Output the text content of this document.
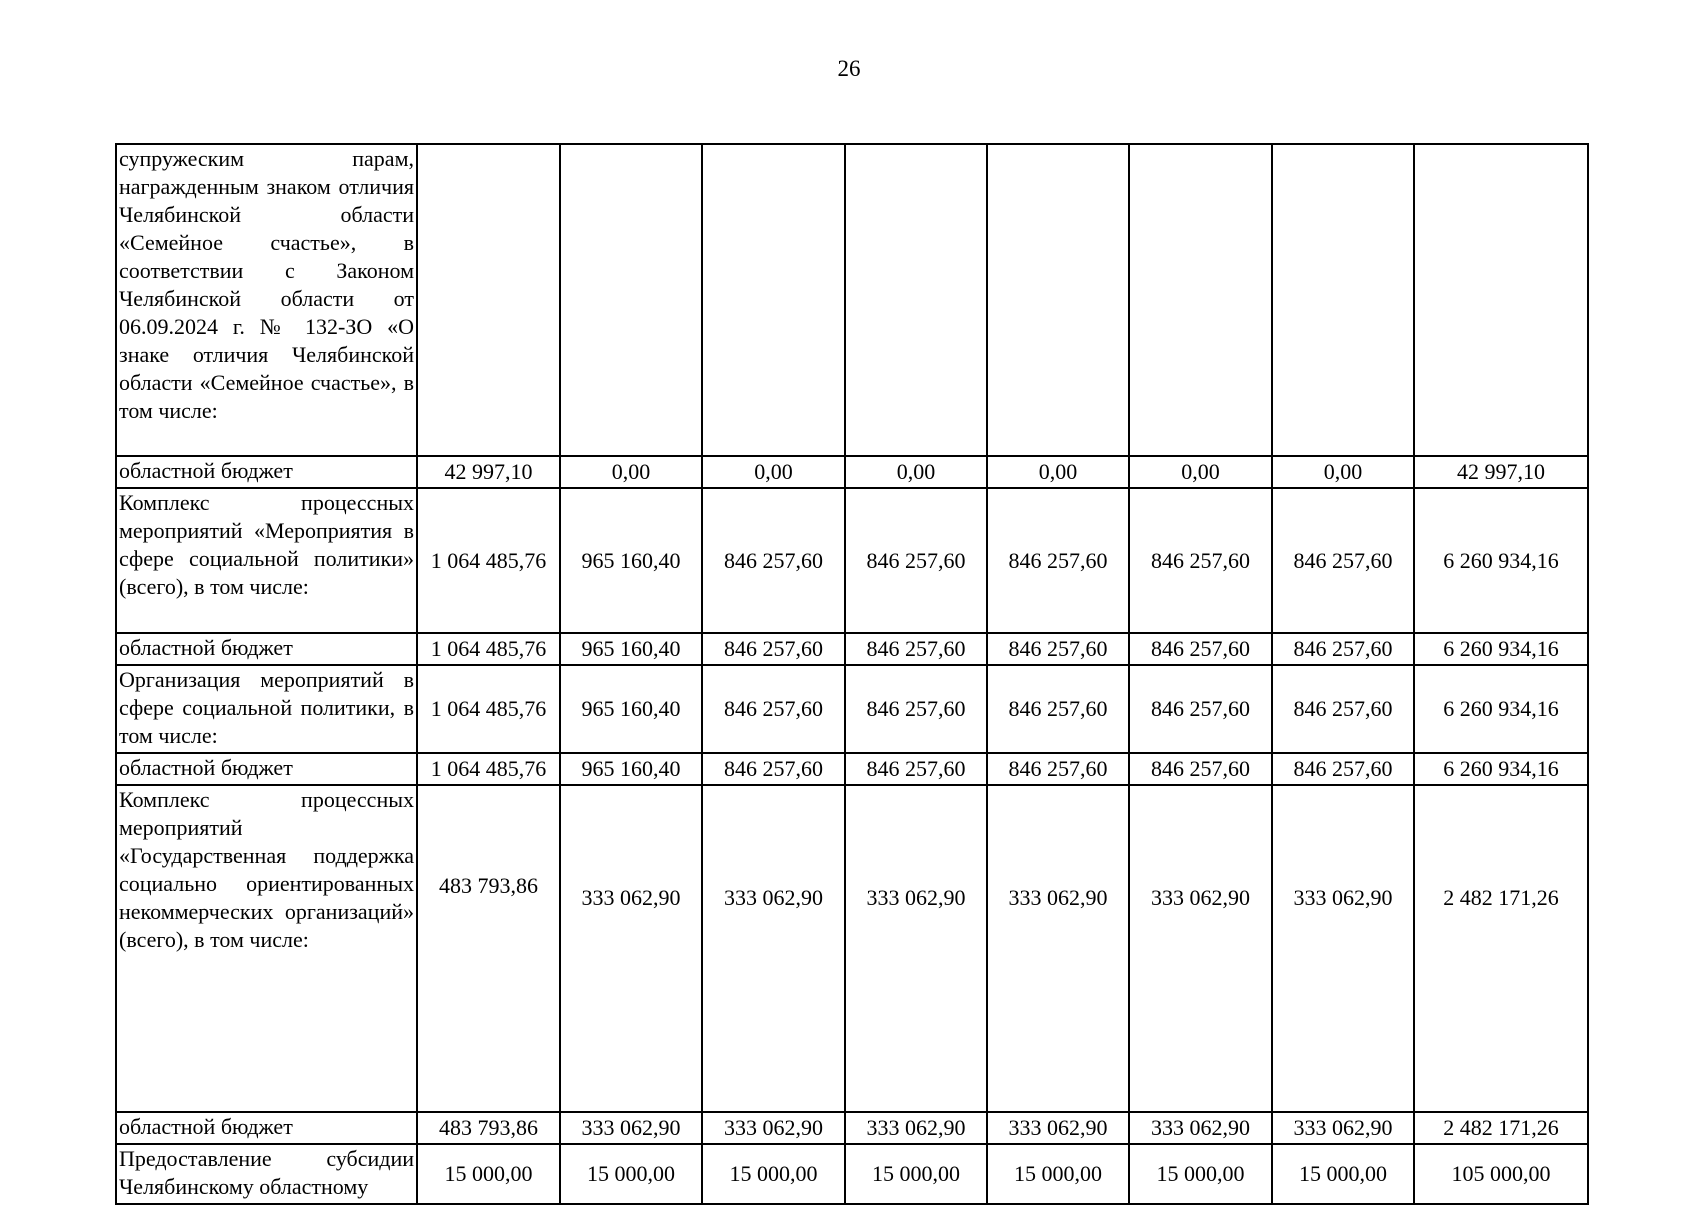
26
супружеским парам, награжденным знаком отличия Челябинской области «Семейное счастье», в соответствии с Законом Челябинской области от 06.09.2024 г. № 132-ЗО «О знаке отличия Челябинской области «Семейное счастье», в том числе:								
областной бюджет	42 997,10	0,00	0,00	0,00	0,00	0,00	0,00	42 997,10
Комплекс процессных мероприятий «Мероприятия в сфере социальной политики» (всего), в том числе:	1 064 485,76	965 160,40	846 257,60	846 257,60	846 257,60	846 257,60	846 257,60	6 260 934,16
областной бюджет	1 064 485,76	965 160,40	846 257,60	846 257,60	846 257,60	846 257,60	846 257,60	6 260 934,16
Организация мероприятий в сфере социальной политики, в том числе:	1 064 485,76	965 160,40	846 257,60	846 257,60	846 257,60	846 257,60	846 257,60	6 260 934,16
областной бюджет	1 064 485,76	965 160,40	846 257,60	846 257,60	846 257,60	846 257,60	846 257,60	6 260 934,16
Комплекс процессных мероприятий «Государственная поддержка социально ориентированных некоммерческих организаций» (всего), в том числе:	483 793,86	333 062,90	333 062,90	333 062,90	333 062,90	333 062,90	333 062,90	2 482 171,26
областной бюджет	483 793,86	333 062,90	333 062,90	333 062,90	333 062,90	333 062,90	333 062,90	2 482 171,26
Предоставление субсидии Челябинскому областному	15 000,00	15 000,00	15 000,00	15 000,00	15 000,00	15 000,00	15 000,00	105 000,00
